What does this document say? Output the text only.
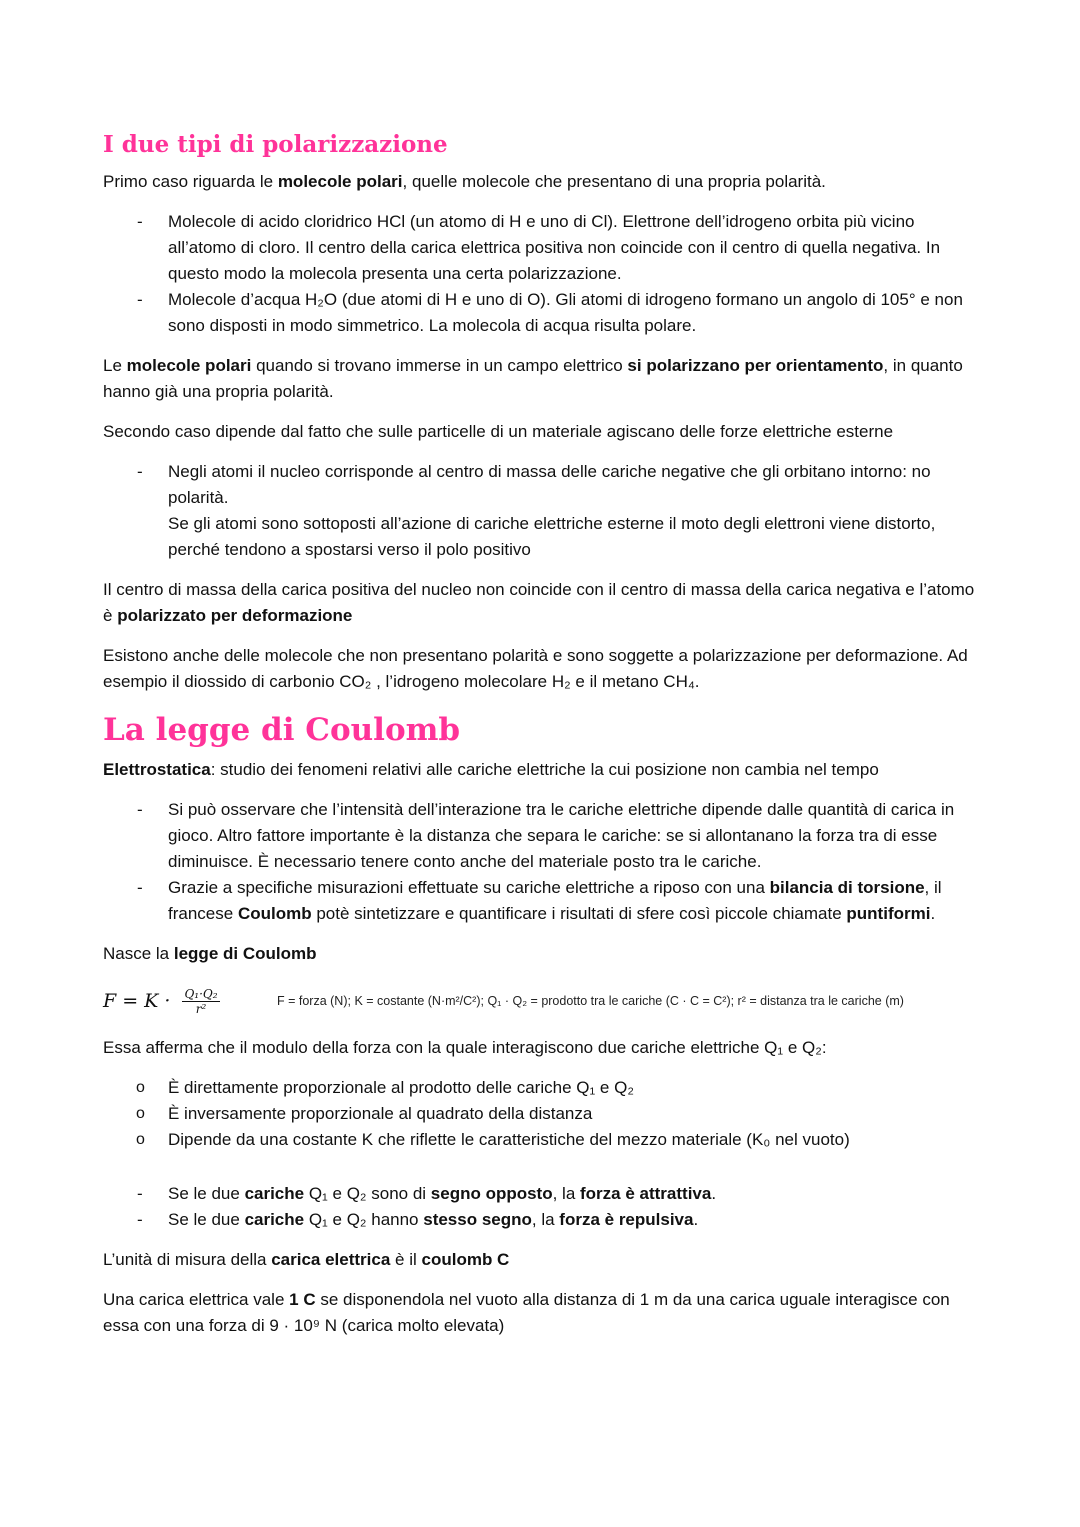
I due tipi di polarizzazione

Primo caso riguarda le molecole polari, quelle molecole che presentano di una propria polarità.

- Molecole di acido cloridrico HCl (un atomo di H e uno di Cl). Elettrone dell’idrogeno orbita più vicino all’atomo di cloro. Il centro della carica elettrica positiva non coincide con il centro di quella negativa. In questo modo la molecola presenta una certa polarizzazione.
- Molecole d’acqua H₂O (due atomi di H e uno di O). Gli atomi di idrogeno formano un angolo di 105° e non sono disposti in modo simmetrico. La molecola di acqua risulta polare.

Le molecole polari quando si trovano immerse in un campo elettrico si polarizzano per orientamento, in quanto hanno già una propria polarità.

Secondo caso dipende dal fatto che sulle particelle di un materiale agiscano delle forze elettriche esterne

- Negli atomi il nucleo corrisponde al centro di massa delle cariche negative che gli orbitano intorno: no polarità.
Se gli atomi sono sottoposti all’azione di cariche elettriche esterne il moto degli elettroni viene distorto, perché tendono a spostarsi verso il polo positivo

Il centro di massa della carica positiva del nucleo non coincide con il centro di massa della carica negativa e l’atomo è polarizzato per deformazione

Esistono anche delle molecole che non presentano polarità e sono soggette a polarizzazione per deformazione. Ad esempio il diossido di carbonio CO₂ , l’idrogeno molecolare H₂ e il metano CH₄.

La legge di Coulomb

Elettrostatica: studio dei fenomeni relativi alle cariche elettriche la cui posizione non cambia nel tempo

- Si può osservare che l’intensità dell’interazione tra le cariche elettriche dipende dalle quantità di carica in gioco. Altro fattore importante è la distanza che separa le cariche: se si allontanano la forza tra di esse diminuisce. È necessario tenere conto anche del materiale posto tra le cariche.
- Grazie a specifiche misurazioni effettuate su cariche elettriche a riposo con una bilancia di torsione, il francese Coulomb potè sintetizzare e quantificare i risultati di sfere così piccole chiamate puntiformi.

Nasce la legge di Coulomb

$F = K \cdot \frac{\text{Q₁·Q₂}}{\text{r²}}$	F = forza (N); K = costante (N·m²/C²); Q₁ · Q₂ = prodotto tra le cariche (C · C = C²); r² = distanza tra le cariche (m)

Essa afferma che il modulo della forza con la quale interagiscono due cariche elettriche Q₁ e Q₂:

o È direttamente proporzionale al prodotto delle cariche Q₁ e Q₂
o È inversamente proporzionale al quadrato della distanza
o Dipende da una costante K che riflette le caratteristiche del mezzo materiale (K₀ nel vuoto)
- Se le due cariche Q₁ e Q₂ sono di segno opposto, la forza è attrattiva.
- Se le due cariche Q₁ e Q₂ hanno stesso segno, la forza è repulsiva.

L’unità di misura della carica elettrica è il coulomb C

Una carica elettrica vale 1 C se disponendola nel vuoto alla distanza di 1 m da una carica uguale interagisce con essa con una forza di 9 · 10⁹ N (carica molto elevata)
